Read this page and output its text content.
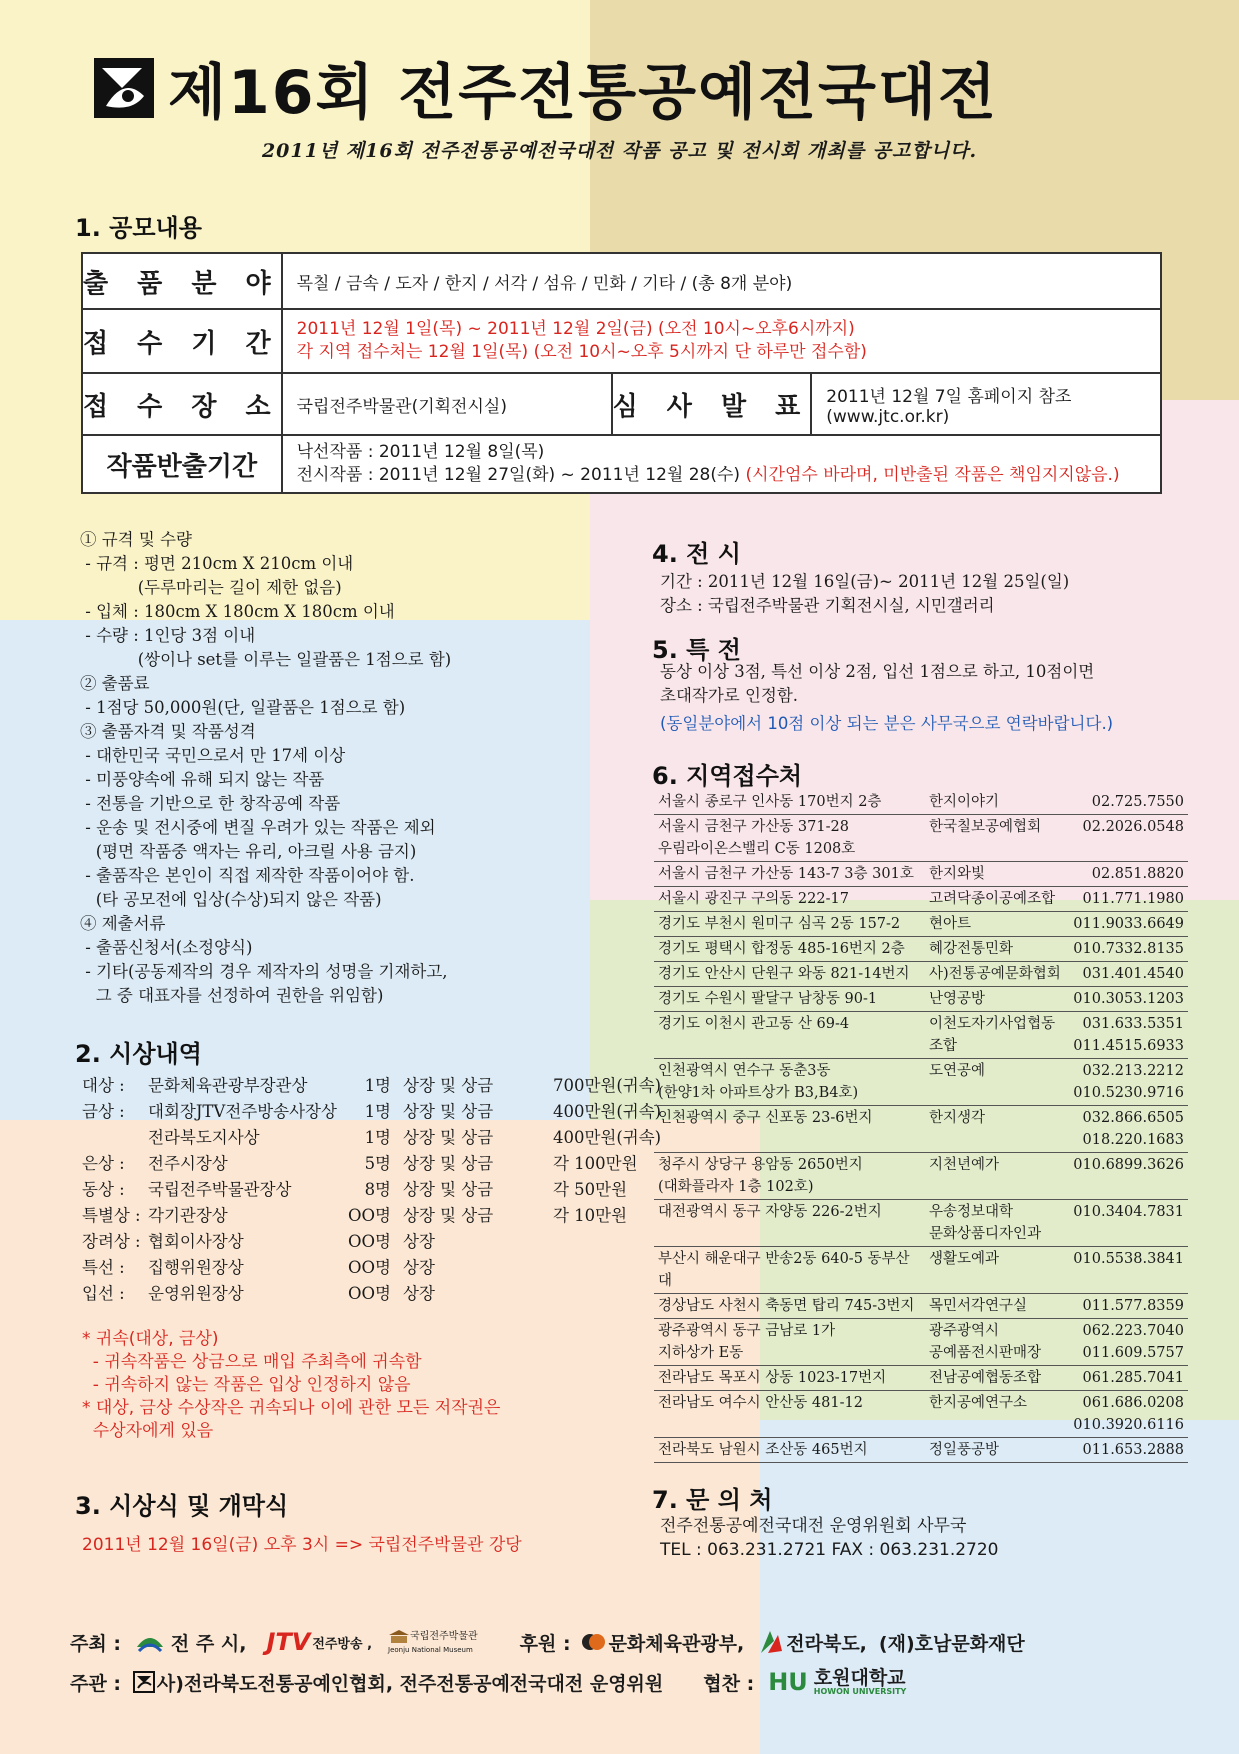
제16회 전주전통공예전국대전
2011년 제16회 전주전통공예전국대전 작품 공고 및 전시회 개최를 공고합니다.
1. 공모내용
출 품 분 야	목칠 / 금속 / 도자 / 한지 / 서각 / 섬유 / 민화 / 기타 / (총 8개 분야)		
접 수 기 간	2011년 12월 1일(목) ~ 2011년 12월 2일(금) (오전 10시~오후6시까지)
각 지역 접수처는 12월 1일(목) (오전 10시~오후 5시까지 단 하루만 접수함)		

접 수 장 소	국립전주박물관(기획전시실)	심 사 발 표	2011년 12월 7일 홈페이지 참조(www.jtc.or.kr)
작품반출기간	낙선작품 : 2011년 12월 8일(목)
전시작품 : 2011년 12월 27일(화) ~ 2011년 12월 28(수) (시간엄수 바라며, 미반출된 작품은 책임지지않음.)		
① 규격 및 수량
- 규격 : 평면 210cm X 210cm 이내
(두루마리는 길이 제한 없음)
- 입체 : 180cm X 180cm X 180cm 이내
- 수량 : 1인당 3점 이내
(쌍이나 set를 이루는 일괄품은 1점으로 함)
② 출품료
- 1점당 50,000원(단, 일괄품은 1점으로 함)
③ 출품자격 및 작품성격
- 대한민국 국민으로서 만 17세 이상
- 미풍양속에 유해 되지 않는 작품
- 전통을 기반으로 한 창작공예 작품
- 운송 및 전시중에 변질 우려가 있는 작품은 제외
(평면 작품중 액자는 유리, 아크릴 사용 금지)
- 출품작은 본인이 직접 제작한 작품이어야 함.
(타 공모전에 입상(수상)되지 않은 작품)
④ 제출서류
- 출품신청서(소정양식)
- 기타(공동제작의 경우 제작자의 성명을 기재하고,
그 중 대표자를 선정하여 권한을 위임함)
2. 시상내역
대상 :	문화체육관광부장관상	1명 상장 및 상금	700만원(귀속)
금상 :	대회장JTV전주방송사장상	1명 상장 및 상금	400만원(귀속)
전라북도지사상	1명 상장 및 상금	400만원(귀속)
은상 :	전주시장상	5명 상장 및 상금	각 100만원
동상 :	국립전주박물관장상	8명 상장 및 상금	각 50만원
특별상 : 각기관장상	OO명 상장 및 상금	각 10만원
장려상 : 협회이사장상	OO명 상장
특선 :	집행위원장상	OO명 상장
입선 :	운영위원장상	OO명 상장
* 귀속(대상, 금상)
- 귀속작품은 상금으로 매입 주최측에 귀속함
- 귀속하지 않는 작품은 입상 인정하지 않음
* 대상, 금상 수상작은 귀속되나 이에 관한 모든 저작권은
수상자에게 있음
3. 시상식 및 개막식
2011년 12월 16일(금) 오후 3시 => 국립전주박물관 강당
4. 전 시
기간 : 2011년 12월 16일(금)~ 2011년 12월 25일(일)
장소 : 국립전주박물관 기획전시실, 시민갤러리
5. 특 전
동상 이상 3점, 특선 이상 2점, 입선 1점으로 하고, 10점이면
초대작가로 인정함.
(동일분야에서 10점 이상 되는 분은 사무국으로 연락바랍니다.)
6. 지역접수처
서울시 종로구 인사동 170번지 2층	한지이야기	02.725.7550
서울시 금천구 가산동 371-28
우림라이온스밸리 C동 1208호	한국칠보공예협회	02.2026.0548
서울시 금천구 가산동 143-7 3층 301호	한지와빛	02.851.8820
서울시 광진구 구의동 222-17	고려닥종이공예조합	011.771.1980
경기도 부천시 원미구 심곡 2동 157-2	현아트	011.9033.6649
경기도 평택시 합정동 485-16번지 2층	혜강전통민화	010.7332.8135
경기도 안산시 단원구 와동 821-14번지	사)전통공예문화협회	031.401.4540
경기도 수원시 팔달구 남창동 90-1	난영공방	010.3053.1203
경기도 이천시 관고동 산 69-4	이천도자기사업협동조합	031.633.5351
011.4515.6933
인천광역시 연수구 동춘3동
(한양1차 아파트상가 B3,B4호)	도연공예	032.213.2212
010.5230.9716
인천광역시 중구 신포동 23-6번지	한지생각	032.866.6505
018.220.1683
청주시 상당구 용암동 2650번지
(대화플라자 1층 102호)	지천년예가	010.6899.3626
대전광역시 동구 자양동 226-2번지	우송정보대학
문화상품디자인과	010.3404.7831
부산시 해운대구 반송2동 640-5 동부산대	생활도예과	010.5538.3841
경상남도 사천시 축동면 탑리 745-3번지	목민서각연구실	011.577.8359
광주광역시 동구 금남로 1가
지하상가 E동	광주광역시
공예품전시판매장	062.223.7040
011.609.5757
전라남도 목포시 상동 1023-17번지	전남공예협동조합	061.285.7041
전라남도 여수시 안산동 481-12	한지공예연구소	061.686.0208
010.3920.6116
전라북도 남원시 조산동 465번지	정일풍공방	011.653.2888
7. 문 의 처
전주전통공예전국대전 운영위원회 사무국
TEL : 063.231.2721 FAX : 063.231.2720
주최 :	전 주 시, JTV 전주방송 ,	국립전주박물관
Jeonju National Museum 후원 : 문화체육관광부, 전라북도, (재)호남문화재단
주관 : 사)전라북도전통공예인협회, 전주전통공예전국대전 운영위원 협찬 : HU 호원대학교
HOWON UNIVERSITY
